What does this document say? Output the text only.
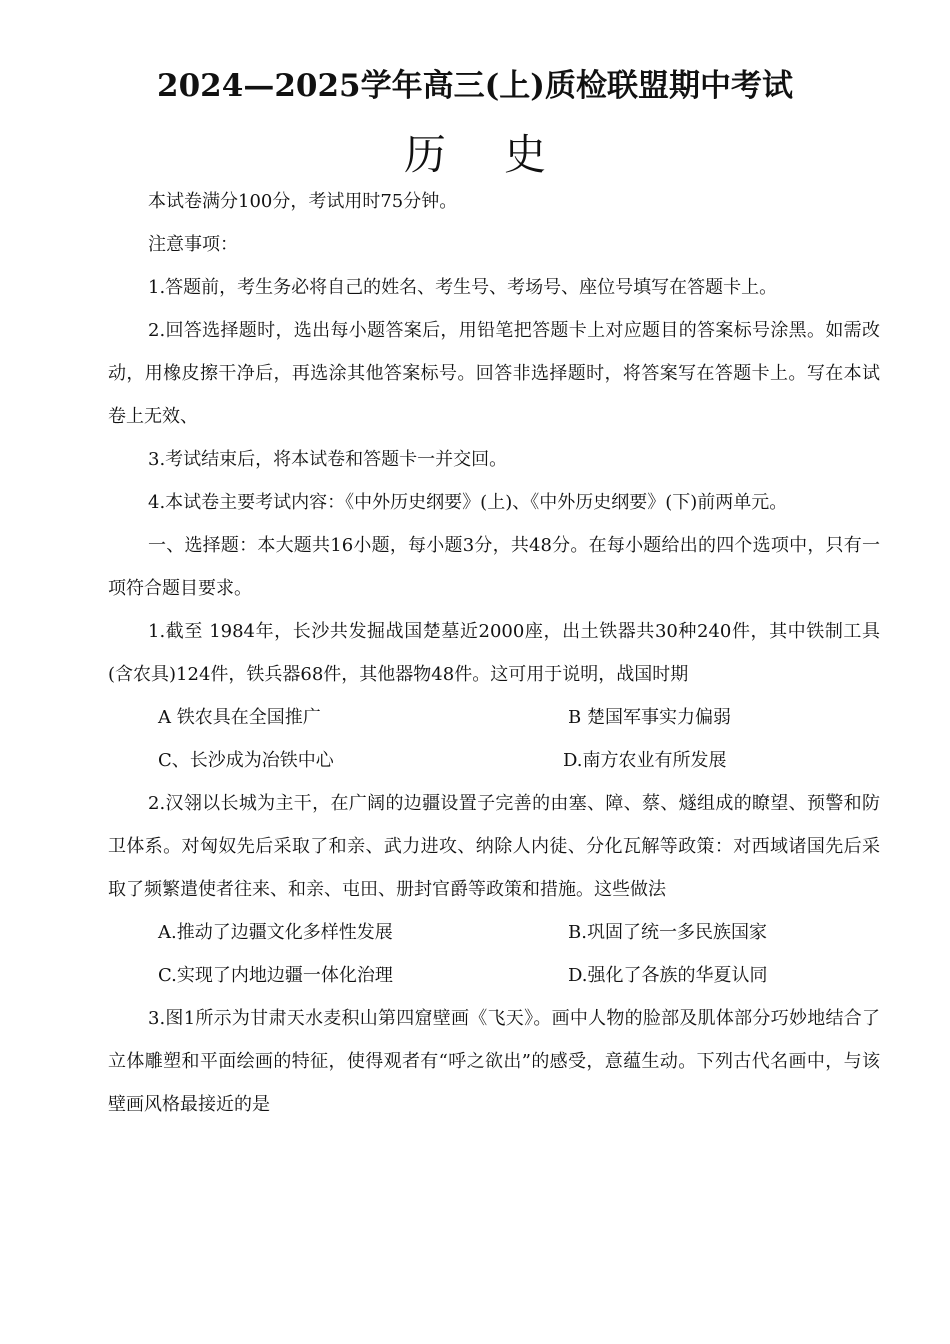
2024—2025学年高三(上)质检联盟期中考试
历 史
本试卷满分100分，考试用时75分钟。
注意事项：
1.答题前，考生务必将自己的姓名、考生号、考场号、座位号填写在答题卡上。
2.回答选择题时，选出每小题答案后，用铅笔把答题卡上对应题目的答案标号涂黑。如需改动，用橡皮擦干净后，再选涂其他答案标号。回答非选择题时，将答案写在答题卡上。写在本试卷上无效、
3.考试结束后，将本试卷和答题卡一并交回。
4.本试卷主要考试内容：《中外历史纲要》(上)、《中外历史纲要》(下)前两单元。
一、选择题：本大题共16小题，每小题3分，共48分。在每小题给出的四个选项中，只有一项符合题目要求。
1.截至 1984年，长沙共发掘战国楚墓近2000座，出土铁器共30种240件，其中铁制工具(含农具)124件，铁兵器68件，其他器物48件。这可用于说明，战国时期
A 铁农具在全国推广	B 楚国军事实力偏弱
C、长沙成为冶铁中心	D.南方农业有所发展
2.汉翎以长城为主干，在广阔的边疆设置子完善的由塞、障、蔡、燧组成的瞭望、预警和防卫体系。对匈奴先后采取了和亲、武力进攻、纳除人内徒、分化瓦解等政策：对西域诸国先后采取了频繁遣使者往来、和亲、屯田、册封官爵等政策和措施。这些做法
A.推动了边疆文化多样性发展	B.巩固了统一多民族国家
C.实现了内地边疆一体化治理	D.强化了各族的华夏认同
3.图1所示为甘肃天水麦积山第四窟壁画《飞天》。画中人物的脸部及肌体部分巧妙地结合了立体雕塑和平面绘画的特征，使得观者有“呼之欲出”的感受，意蕴生动。下列古代名画中，与该壁画风格最接近的是
